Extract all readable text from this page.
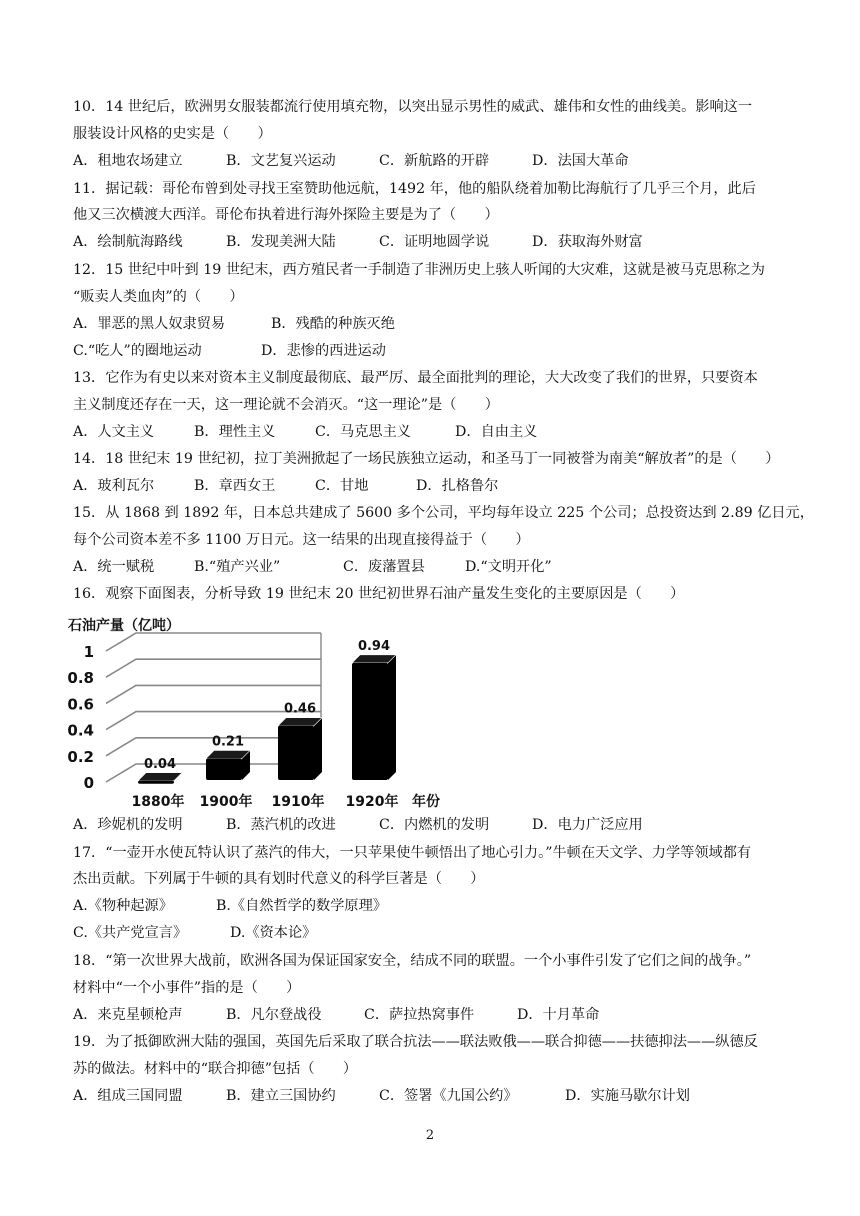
10．14 世纪后，欧洲男女服装都流行使用填充物，以突出显示男性的威武、雄伟和女性的曲线美。影响这一
服装设计风格的史实是（　　）
A．租地农场建立	B．文艺复兴运动	C．新航路的开辟	D．法国大革命
11．据记载：哥伦布曾到处寻找王室赞助他远航，1492 年，他的船队绕着加勒比海航行了几乎三个月，此后
他又三次横渡大西洋。哥伦布执着进行海外探险主要是为了（　　）
A．绘制航海路线	B．发现美洲大陆	C．证明地圆学说	D．获取海外财富
12．15 世纪中叶到 19 世纪末，西方殖民者一手制造了非洲历史上骇人听闻的大灾难，这就是被马克思称之为
“贩卖人类血肉”的（　　）
A．罪恶的黑人奴隶贸易	B．残酷的种族灭绝
C.“吃人”的圈地运动	D．悲惨的西进运动
13．它作为有史以来对资本主义制度最彻底、最严厉、最全面批判的理论，大大改变了我们的世界，只要资本
主义制度还存在一天，这一理论就不会消灭。“这一理论”是（　　）
A．人文主义	B．理性主义	C．马克思主义	D．自由主义
14．18 世纪末 19 世纪初，拉丁美洲掀起了一场民族独立运动，和圣马丁一同被誉为南美“解放者”的是（　　）
A．玻利瓦尔	B．章西女王	C．甘地	D．扎格鲁尔
15．从 1868 到 1892 年，日本总共建成了 5600 多个公司，平均每年设立 225 个公司；总投资达到 2.89 亿日元，
每个公司资本差不多 1100 万日元。这一结果的出现直接得益于（　　）
A．统一赋税	B.“殖产兴业”	C．废藩置县	D.“文明开化”
16．观察下面图表，分析导致 19 世纪末 20 世纪初世界石油产量发生变化的主要原因是（　　）
0
0.2
0.4
0.6
0.8
1
石油产量（亿吨）
0.04
1880年
0.21
1900年
0.46
1910年
0.94
1920年 年份
A．珍妮机的发明	B．蒸汽机的改进	C．内燃机的发明	D．电力广泛应用
17．“一壶开水使瓦特认识了蒸汽的伟大，一只苹果使牛顿悟出了地心引力。”牛顿在天文学、力学等领域都有
杰出贡献。下列属于牛顿的具有划时代意义的科学巨著是（　　）
A.《物种起源》	B.《自然哲学的数学原理》
C.《共产党宣言》	D.《资本论》
18．“第一次世界大战前，欧洲各国为保证国家安全，结成不同的联盟。一个小事件引发了它们之间的战争。”
材料中“一个小事件”指的是（　　）
A．来克星顿枪声	B．凡尔登战役	C．萨拉热窝事件	D．十月革命
19．为了抵御欧洲大陆的强国，英国先后采取了联合抗法——联法败俄——联合抑德——扶德抑法——纵德反
苏的做法。材料中的“联合抑德”包括（　　）
A．组成三国同盟	B．建立三国协约	C．签署《九国公约》	D．实施马歇尔计划
2
